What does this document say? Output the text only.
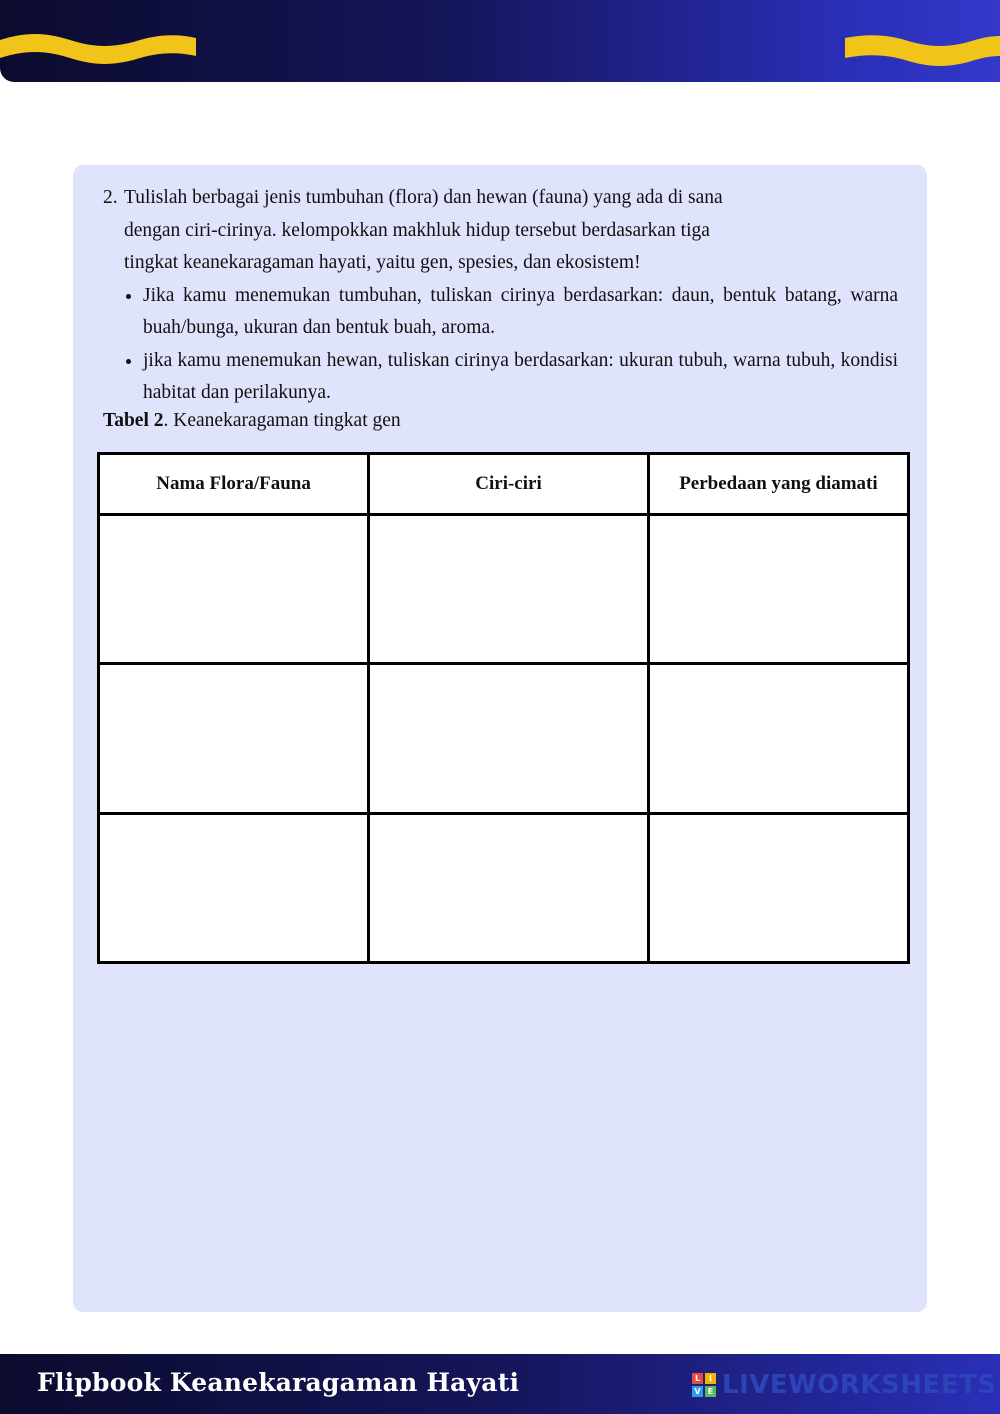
2. Tulislah berbagai jenis tumbuhan (flora) dan hewan (fauna) yang ada di sana
dengan ciri-cirinya. kelompokkan makhluk hidup tersebut berdasarkan tiga
tingkat keanekaragaman hayati, yaitu gen, spesies, dan ekosistem!
• Jika kamu menemukan tumbuhan, tuliskan cirinya berdasarkan: daun, bentuk batang, warna buah/bunga, ukuran dan bentuk buah, aroma.
• jika kamu menemukan hewan, tuliskan cirinya berdasarkan: ukuran tubuh, warna tubuh, kondisi habitat dan perilakunya.
Tabel 2. Keanekaragaman tingkat gen
Nama Flora/Fauna	Ciri-ciri	Perbedaan yang diamati

Flipbook Keanekaragaman Hayati	L	I
V E LIVEWORKSHEETS
